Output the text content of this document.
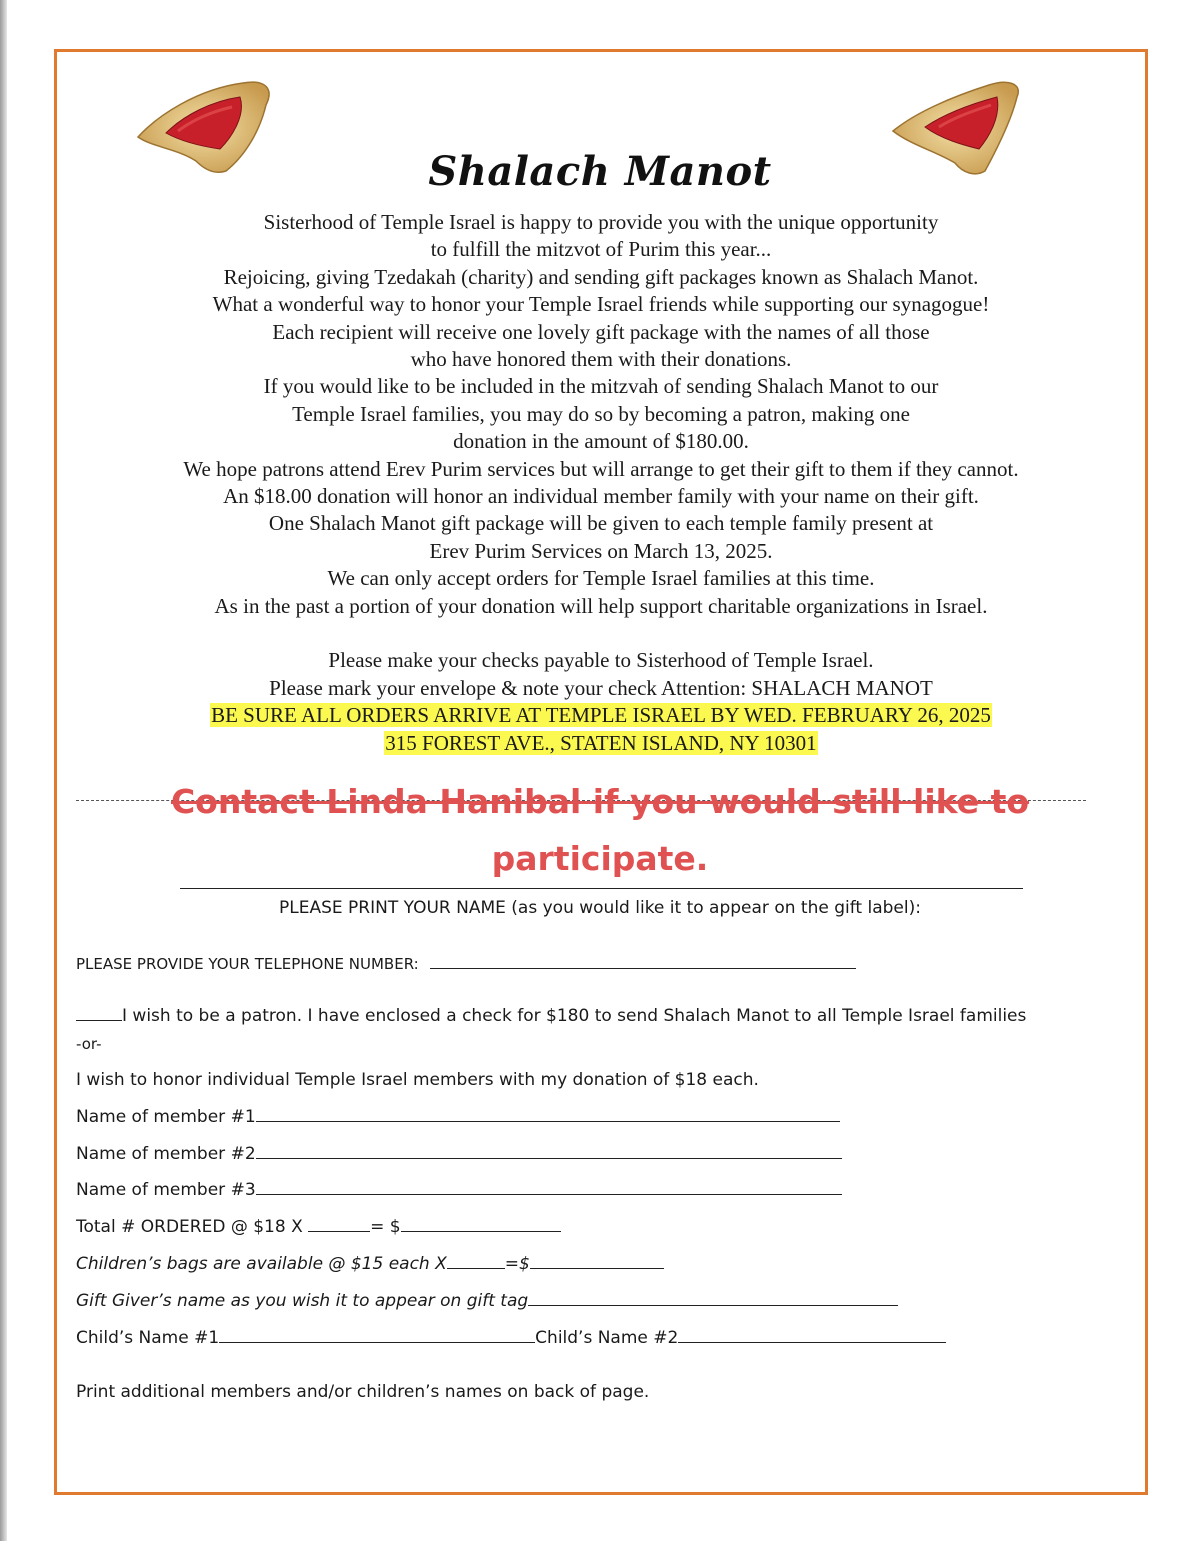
Shalach Manot
Sisterhood of Temple Israel is happy to provide you with the unique opportunity
to fulfill the mitzvot of Purim this year...
Rejoicing, giving Tzedakah (charity) and sending gift packages known as Shalach Manot.
What a wonderful way to honor your Temple Israel friends while supporting our synagogue!
Each recipient will receive one lovely gift package with the names of all those
who have honored them with their donations.
If you would like to be included in the mitzvah of sending Shalach Manot to our
Temple Israel families, you may do so by becoming a patron, making one
donation in the amount of $180.00.
We hope patrons attend Erev Purim services but will arrange to get their gift to them if they cannot.
An $18.00 donation will honor an individual member family with your name on their gift.
One Shalach Manot gift package will be given to each temple family present at
Erev Purim Services on March 13, 2025.
We can only accept orders for Temple Israel families at this time.
As in the past a portion of your donation will help support charitable organizations in Israel.
Please make your checks payable to Sisterhood of Temple Israel.
Please mark your envelope & note your check Attention: SHALACH MANOT
BE SURE ALL ORDERS ARRIVE AT TEMPLE ISRAEL BY WED. FEBRUARY 26, 2025
315 FOREST AVE., STATEN ISLAND, NY 10301
Contact Linda Hanibal if you would still like to
participate.
PLEASE PRINT YOUR NAME (as you would like it to appear on the gift label):
PLEASE PROVIDE YOUR TELEPHONE NUMBER:
I wish to be a patron. I have enclosed a check for $180 to send Shalach Manot to all Temple Israel families
-or-
I wish to honor individual Temple Israel members with my donation of $18 each.
Name of member #1
Name of member #2
Name of member #3
Total # ORDERED @ $18 X	= $
Children’s bags are available @ $15 each X	=$
Gift Giver’s name as you wish it to appear on gift tag
Child’s Name #1	Child’s Name #2
Print additional members and/or children’s names on back of page.
